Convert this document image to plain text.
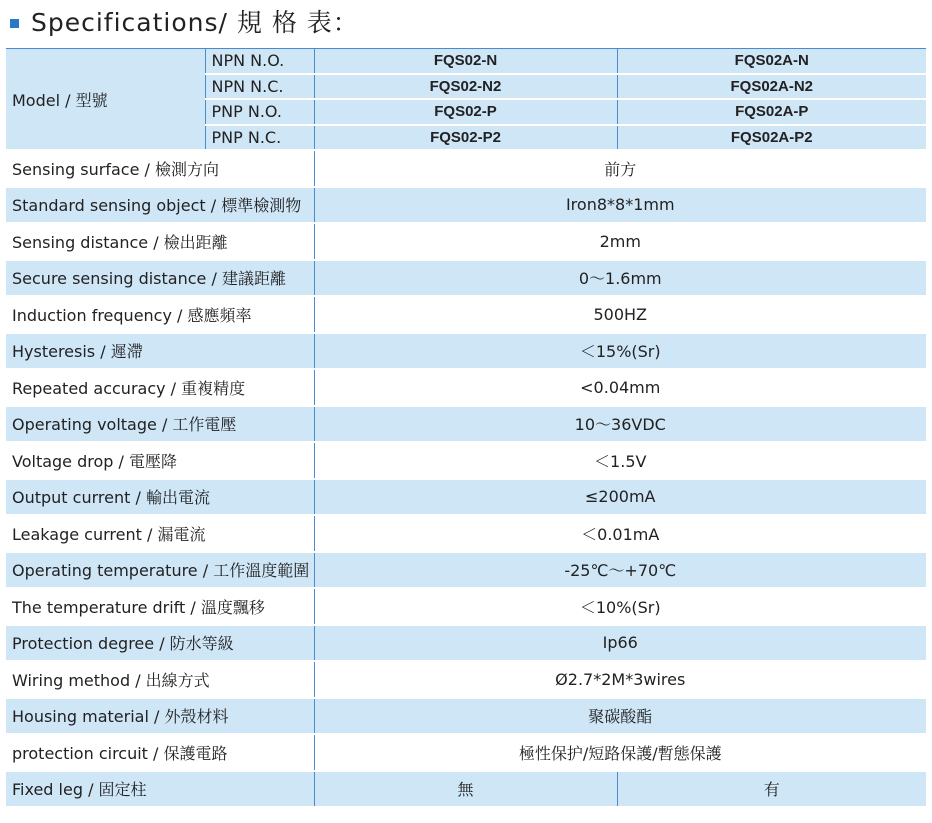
Specifications/ 規 格 表：
Model / 型號	NPN N.O.	FQS02-N	FQS02A-N
	NPN N.C.	FQS02-N2	FQS02A-N2
	PNP N.O.	FQS02-P	FQS02A-P
	PNP N.C.	FQS02-P2	FQS02A-P2
Sensing surface / 檢測方向		前方	
Standard sensing object / 標準檢測物		Iron8*8*1mm	
Sensing distance / 檢出距離		2mm	
Secure sensing distance / 建議距離		0～1.6mm	
Induction frequency / 感應頻率		500HZ	
Hysteresis / 遲滯		＜15%(Sr)	
Repeated accuracy / 重複精度		<0.04mm	
Operating voltage / 工作電壓		10～36VDC	
Voltage drop / 電壓降		＜1.5V	
Output current / 輸出電流		≤200mA	
Leakage current / 漏電流		＜0.01mA	
Operating temperature / 工作溫度範圍		-25℃～+70℃	
The temperature drift / 溫度飄移		＜10%(Sr)	
Protection degree / 防水等級		Ip66	
Wiring method / 出線方式		Ø2.7*2M*3wires	
Housing material / 外殼材料		聚碳酸酯	
protection circuit / 保護電路		極性保护/短路保護/暫態保護	
Fixed leg / 固定柱		無	有
